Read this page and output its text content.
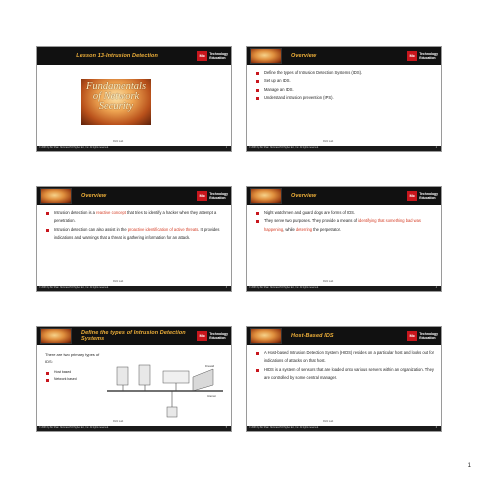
Lesson 13-Intrusion Detection	Mc	Technology
Education
Fundamentals of Network Security
RLN Lab
© 2003 by Bo Shan. McGraw-Hill Higher Ed., Inc. All rights reserved.	1
Overview	Mc	Technology
Education
Define the types of Intrusion Detection Systems (IDS).
Set up an IDS.
Manage an IDS.
Understand intrusion prevention (IPS).
RLN Lab
© 2003 by Bo Shan. McGraw-Hill Higher Ed., Inc. All rights reserved.	2
Overview	Mc	Technology
Education
Intrusion detection is a reactive concept that tries to identify a hacker when they attempt a penetration.
Intrusion detection can also assist in the proactive identification of active threats. It provides indications and warnings that a threat is gathering information for an attack.
RLN Lab
© 2003 by Bo Shan. McGraw-Hill Higher Ed., Inc. All rights reserved.	3
Overview	Mc	Technology
Education
Night watchmen and guard dogs are forms of IDS.
They serve two purposes. They provide a means of identifying that something bad was happening, while deterring the perpetrator.
RLN Lab
© 2003 by Bo Shan. McGraw-Hill Higher Ed., Inc. All rights reserved.	4
Define the types of Intrusion Detection Systems
Mc	Technology
Education
There are two primary types of IDS:
Host based
Network based
Firewall
Internet
RLN Lab
© 2003 by Bo Shan. McGraw-Hill Higher Ed., Inc. All rights reserved.	5
Host-Based IDS	Mc	Technology
Education
A Host-based Intrusion Detection System (HIDS) resides on a particular host and looks out for indications of attacks on that host.
HIDS is a system of sensors that are loaded onto various servers within an organization. They are controlled by some central manager.
RLN Lab
© 2003 by Bo Shan. McGraw-Hill Higher Ed., Inc. All rights reserved.	6
1
